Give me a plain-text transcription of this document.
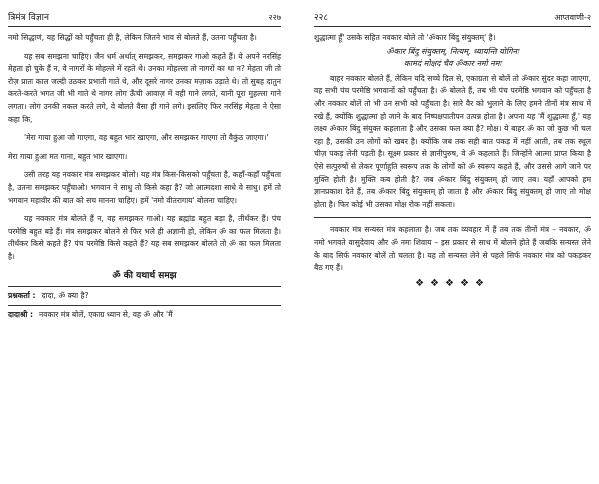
त्रिमंत्र विज्ञान	२२७

नमो सिद्धाणं, यह सिद्धों को पहुँचता ही है, लेकिन जितने भाव से बोलते हैं, उतना पहुँचता है।

यह सब समझना चाहिए। जैन धर्म अर्थात्‌ समझकर, समझकर गाओ कहते हैं। ये अपने नरसिंह मेहता हो चुके हैं न, वे नागरों के मोहल्ले में रहते थे। उनका मोहल्ला तो नागरों का था न? मेहता जी तो रोज़ प्रातः काल जल्दी उठकर प्रभाती गाते थे, और दूसरे नागर उनका मज़ाक उड़ाते थे। तो सुबह दातुन करते-करते भगत जी भी गाते थे नागर लोग ऊँची आवाज़ में वही गाने लगते, यानी पूरा मुहल्ला गाने लगता। लोग उनकी नकल करते लगे, वे बोलते वैसा ही गाने लगे। इसलिए फिर नरसिंह मेहता ने ऐसा कहा कि,

'मेरा गाया हुआ जो गाएगा, वह बहुत भार खाएगा, और समझकर गाएगा तो वैकुंठ जाएगा।'

मेरा गाया हुआ मत गाना, बहुत भार खाएगा।

उसी तरह यह नवकार मंत्र समझकर बोलो। यह मंत्र किस-किसको पहुँचता है, कहाँ-कहाँ पहुँचता है, उतना समझकर पहुँचाओ। भगवान ने साधु तो किसे कहा है? जो आत्मदशा साधे वे साधु। हमें तो भगवान महावीर की बात को सच मानना चाहिए। हमें 'नमो वीतरागाय' बोलना चाहिए।

यह नवकार मंत्र बोलते हैं न, वह समझकर गाओ। यह ब्रह्मांड बहुत बड़ा है, तीर्थंकर हैं। पंच परमेष्ठि बहुत बड़े हैं। मंत्र समझकर बोलने से फिर भले ही अज्ञानी हो, लेकिन ॐ का फल मिलता है। तीर्थंकर किसे कहते हैं? पंच परमेष्ठि किसे कहते हैं? यह सब समझकर बोलते तो ॐ का फल मिलता है।

ॐ की यथार्थ समझ
प्रश्नकर्ता : दादा, ॐ क्या है?
दादाश्री : नवकार मंत्र बोलें, एकाग्र ध्यान से, वह ॐ और 'मैं
२२८	आप्तवाणी-२

शुद्धात्मा हूँ' उसके सहित नवकार बोले तो 'ॐकार बिंदु संयुक्तम्‌' है।

ॐकार बिंदु संयुक्तम्‌, नित्यम्‌, ध्यायन्ति योगिनः
कामदं मोक्षदं चैव ॐकार नमो नमः

बाहर नवकार बोलते हैं, लेकिन यदि सच्चे दिल से, एकाग्रता से बोलें तो ॐकार सुंदर कहा जाएगा, वह सभी पंच परमेष्ठि भगवानों को पहुँचता है। ॐ बोलते हैं, तब भी पंच परमेष्ठि भगवान को पहुँचता है और नवकार बोलें तो भी उन सभी को पहुँचता है। सारे वैर को भुलाने के लिए हमने तीनों मंत्र साथ में रखे हैं, क्योंकि शुद्धात्मा हो जाने के बाद निष्पक्षपातीपन उत्पन्न होता है। अपना यह 'मैं शुद्धात्मा हूँ,' यह लक्ष्य ॐकार बिंदु संयुक्त कहलाता है और उसका फल क्या है? मोक्ष। ये बाहर ॐ का जो कुछ भी चल रहा है, उसकी उन लोगों को खबर है। क्योंकि जब तक सही बात पकड़ में नहीं आती, तब तक स्थूल चीज़ पकड़ लेनी पड़ती है। सूक्ष्म प्रकार से ज्ञानीपुरुष, वे ॐ कहलाते हैं। जिन्होंने आत्मा प्राप्त किया है ऐसे सत्पुरुषों से लेकर पूर्णाहुति स्वरूप तक के लोगों को ॐ स्वरूप कहते हैं, और उससे आगे जाने पर मुक्ति होती है। मुक्ति कब होती है? जब ॐकार बिंदु संयुक्तम्‌ हो जाए तब। यहाँ आपको हम ज्ञानप्रकाश देते हैं, तब ॐकार बिंदु संयुक्तम्‌ हो जाता है और ॐकार बिंदु संयुक्तम्‌ हो जाए तो मोक्ष होता है। फिर कोई भी उसका मोक्ष रोक नहीं सकता।

नवकार मंत्र सन्यस्त मंत्र कहलाता है। जब तक व्यवहार में हैं तब तक तीनों मंत्र – नवकार, ॐ नमो भगवते वासुदेवाय और ॐ नमः शिवाय – इस प्रकार से साथ में बोलने होते हैं जबकि सन्यस्त लेने के बाद सिर्फ नवकार बोलें तो चलता है। यह तो सन्यस्त लेने से पहले सिर्फ नवकार मंत्र को पकड़कर बैठ गए हैं।

❖❖❖❖❖
